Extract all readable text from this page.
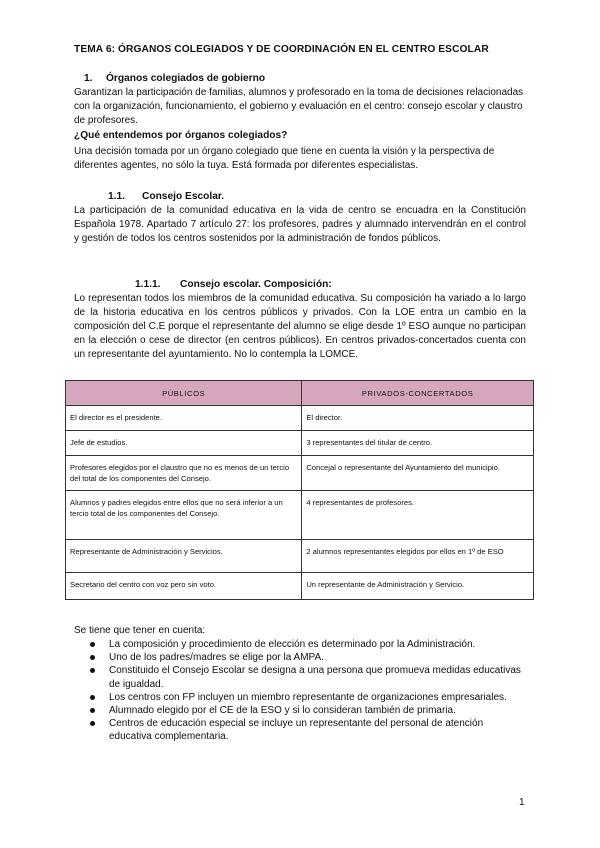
TEMA 6: ÓRGANOS COLEGIADOS Y DE COORDINACIÓN EN EL CENTRO ESCOLAR
1. Órganos colegiados de gobierno
Garantizan la participación de familias, alumnos y profesorado en la toma de decisiones relacionadas con la organización, funcionamiento, el gobierno y evaluación en el centro: consejo escolar y claustro de profesores.
¿Qué entendemos por órganos colegiados?
Una decisión tomada por un órgano colegiado que tiene en cuenta la visión y la perspectiva de diferentes agentes, no sólo la tuya. Está formada por diferentes especialistas.
1.1. Consejo Escolar.
La participación de la comunidad educativa en la vida de centro se encuadra en la Constitución Española 1978. Apartado 7 artículo 27: los profesores, padres y alumnado intervendrán en el control y gestión de todos los centros sostenidos por la administración de fondos públicos.
1.1.1. Consejo escolar. Composición:
Lo representan todos los miembros de la comunidad educativa. Su composición ha variado a lo largo de la historia educativa en los centros públicos y privados. Con la LOE entra un cambio en la composición del C.E porque el representante del alumno se elige desde 1º ESO aunque no participan en la elección o cese de director (en centros públicos). En centros privados-concertados cuenta con un representante del ayuntamiento. No lo contempla la LOMCE.
PÚBLICOS	PRIVADOS-CONCERTADOS
El director es el presidente.	El director.
Jefe de estudios.	3 representantes del titular de centro.
Profesores elegidos por el claustro que no es menos de un tercio del total de los componentes del Consejo.	Concejal o representante del Ayuntamiento del municipio.
Alumnos y padres elegidos entre ellos que no será inferior a un tercio total de los componentes del Consejo.	4 representantes de profesores.
Representante de Administración y Servicios.	2 alumnos representantes elegidos por ellos en 1º de ESO
Secretario del centro con voz pero sin voto.	Un representante de Administración y Servicio.
Se tiene que tener en cuenta:
La composición y procedimiento de elección es determinado por la Administración.
Uno de los padres/madres se elige por la AMPA.
Constituido el Consejo Escolar se designa a una persona que promueva medidas educativas de igualdad.
Los centros con FP incluyen un miembro representante de organizaciones empresariales.
Alumnado elegido por el CE de la ESO y si lo consideran también de primaria.
Centros de educación especial se incluye un representante del personal de atención educativa complementaria.
1
